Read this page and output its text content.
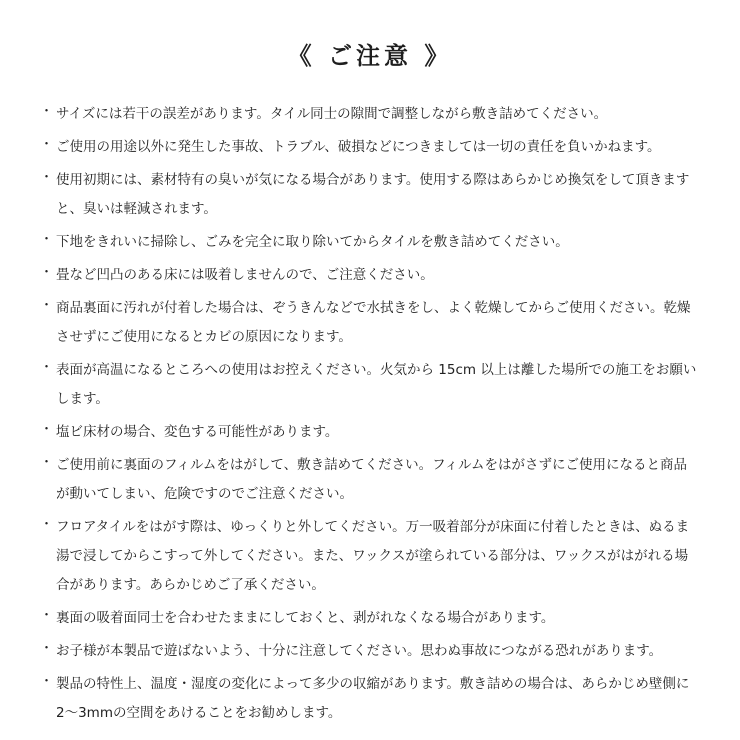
《 ご注意 》
・ サイズには若干の誤差があります。タイル同士の隙間で調整しながら敷き詰めてください。
・ ご使用の用途以外に発生した事故、トラブル、破損などにつきましては一切の責任を負いかねます。
・ 使用初期には、素材特有の臭いが気になる場合があります。使用する際はあらかじめ換気をして頂きますと、臭いは軽減されます。
・ 下地をきれいに掃除し、ごみを完全に取り除いてからタイルを敷き詰めてください。
・ 畳など凹凸のある床には吸着しませんので、ご注意ください。
・ 商品裏面に汚れが付着した場合は、ぞうきんなどで水拭きをし、よく乾燥してからご使用ください。乾燥させずにご使用になるとカビの原因になります。
・ 表面が高温になるところへの使用はお控えください。火気から 15cm 以上は離した場所での施工をお願いします。
・ 塩ビ床材の場合、変色する可能性があります。
・ ご使用前に裏面のフィルムをはがして、敷き詰めてください。フィルムをはがさずにご使用になると商品が動いてしまい、危険ですのでご注意ください。
・ フロアタイルをはがす際は、ゆっくりと外してください。万一吸着部分が床面に付着したときは、ぬるま湯で浸してからこすって外してください。また、ワックスが塗られている部分は、ワックスがはがれる場合があります。あらかじめご了承ください。
・ 裏面の吸着面同士を合わせたままにしておくと、剥がれなくなる場合があります。
・ お子様が本製品で遊ばないよう、十分に注意してください。思わぬ事故につながる恐れがあります。
・ 製品の特性上、温度・湿度の変化によって多少の収縮があります。敷き詰めの場合は、あらかじめ壁側に 2～3mmの空間をあけることをお勧めします。
